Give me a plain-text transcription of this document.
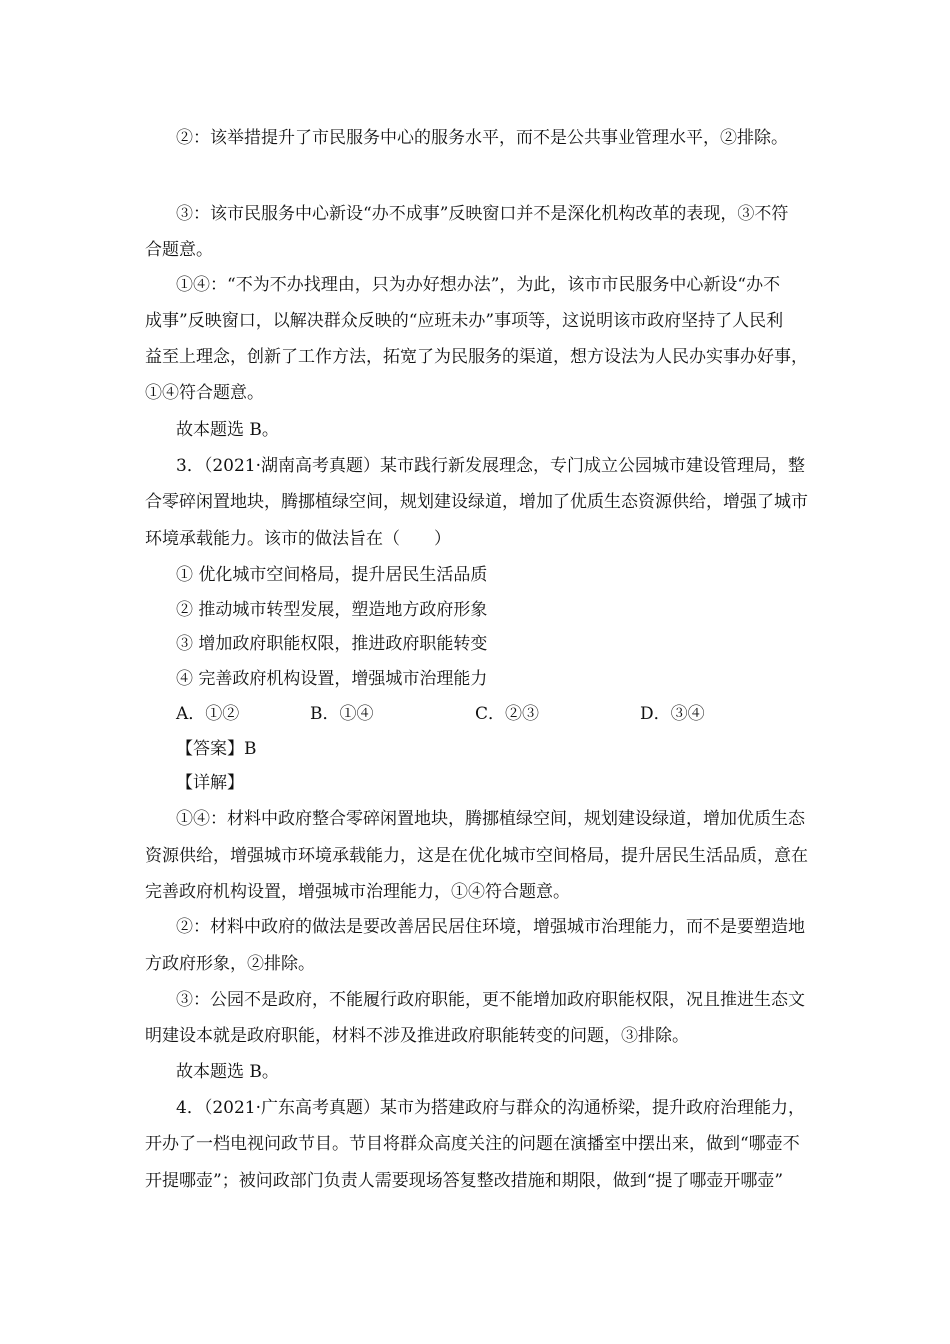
②：该举措提升了市民服务中心的服务水平，而不是公共事业管理水平，②排除。
③：该市民服务中心新设“办不成事”反映窗口并不是深化机构改革的表现，③不符
合题意。
①④：“不为不办找理由，只为办好想办法”，为此，该市市民服务中心新设“办不
成事”反映窗口，以解决群众反映的“应班未办”事项等，这说明该市政府坚持了人民利
益至上理念，创新了工作方法，拓宽了为民服务的渠道，想方设法为人民办实事办好事，
①④符合题意。
故本题选 B。
3．（2021·湖南高考真题）某市践行新发展理念，专门成立公园城市建设管理局，整
合零碎闲置地块，腾挪植绿空间，规划建设绿道，增加了优质生态资源供给，增强了城市
环境承载能力。该市的做法旨在（　　）
① 优化城市空间格局，提升居民生活品质
② 推动城市转型发展，塑造地方政府形象
③ 增加政府职能权限，推进政府职能转变
④ 完善政府机构设置，增强城市治理能力
A．①②	B．①④	C．②③	D．③④
【答案】B
【详解】
①④：材料中政府整合零碎闲置地块，腾挪植绿空间，规划建设绿道，增加优质生态
资源供给，增强城市环境承载能力，这是在优化城市空间格局，提升居民生活品质，意在
完善政府机构设置，增强城市治理能力，①④符合题意。
②：材料中政府的做法是要改善居民居住环境，增强城市治理能力，而不是要塑造地
方政府形象，②排除。
③：公园不是政府，不能履行政府职能，更不能增加政府职能权限，况且推进生态文
明建设本就是政府职能，材料不涉及推进政府职能转变的问题，③排除。
故本题选 B。
4．（2021·广东高考真题）某市为搭建政府与群众的沟通桥梁，提升政府治理能力，
开办了一档电视问政节目。节目将群众高度关注的问题在演播室中摆出来，做到“哪壶不
开提哪壶”；被问政部门负责人需要现场答复整改措施和期限，做到“提了哪壶开哪壶”
